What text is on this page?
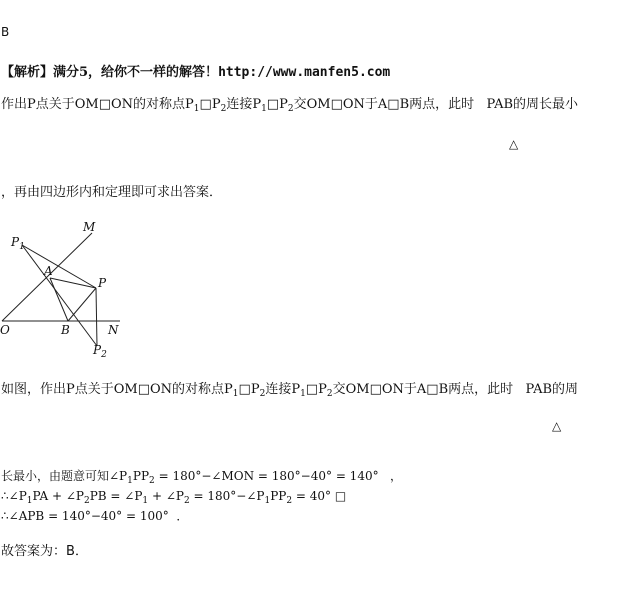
B
【解析】满分5，给你不一样的解答！http://www.manfen5.com
作出P点关于OM□ON的对称点$P_1□P_2$连接$P_1□P_2$交OM□ON于A□B两点，此时 PAB的周长最小
△
，再由四边形内和定理即可求出答案．
M
$P_1$
A
P
O	B	N
$P_2$
如图，作出P点关于OM□ON的对称点$P_1□P_2$连接$P_1□P_2$交OM□ON于A□B两点，此时 PAB的周
△
长最小，由题意可知$\angle P_1PP_2$ = 180°−∠MON = 180°−40° = 140° ，
$\therefore\angle P_1PA$ + $\angle P_2PB$ = $\angle P_1$ + $\angle P_2$ = $180^\circ-\angle P_1PP_2 = 40^\circ$ □
∴∠APB = 140°−40° = 100° ．
故答案为：B．
